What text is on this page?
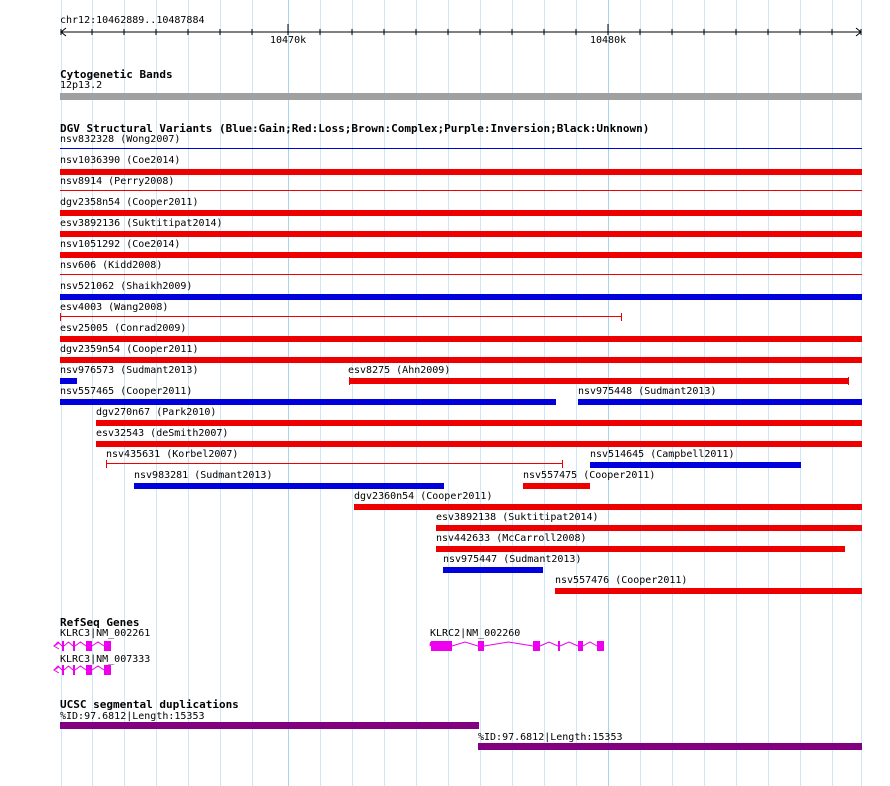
chr12:10462889..10487884
10470k	10480k
Cytogenetic Bands
12p13.2
DGV Structural Variants (Blue:Gain;Red:Loss;Brown:Complex;Purple:Inversion;Black:Unknown)
nsv832328 (Wong2007)
nsv1036390 (Coe2014)
nsv8914 (Perry2008)
dgv2358n54 (Cooper2011)
esv3892136 (Suktitipat2014)
nsv1051292 (Coe2014)
nsv606 (Kidd2008)
nsv521062 (Shaikh2009)
esv4003 (Wang2008)
esv25005 (Conrad2009)
dgv2359n54 (Cooper2011)
nsv976573 (Sudmant2013)	esv8275 (Ahn2009)
nsv557465 (Cooper2011)	nsv975448 (Sudmant2013)
dgv270n67 (Park2010)
esv32543 (deSmith2007)
nsv435631 (Korbel2007)	nsv514645 (Campbell2011)
nsv983281 (Sudmant2013)	nsv557475 (Cooper2011)
dgv2360n54 (Cooper2011)
esv3892138 (Suktitipat2014)
nsv442633 (McCarroll2008)
nsv975447 (Sudmant2013)
nsv557476 (Cooper2011)
RefSeq Genes
KLRC3|NM_002261	KLRC2|NM_002260
KLRC3|NM_007333
UCSC segmental duplications
%ID:97.6812|Length:15353
%ID:97.6812|Length:15353
